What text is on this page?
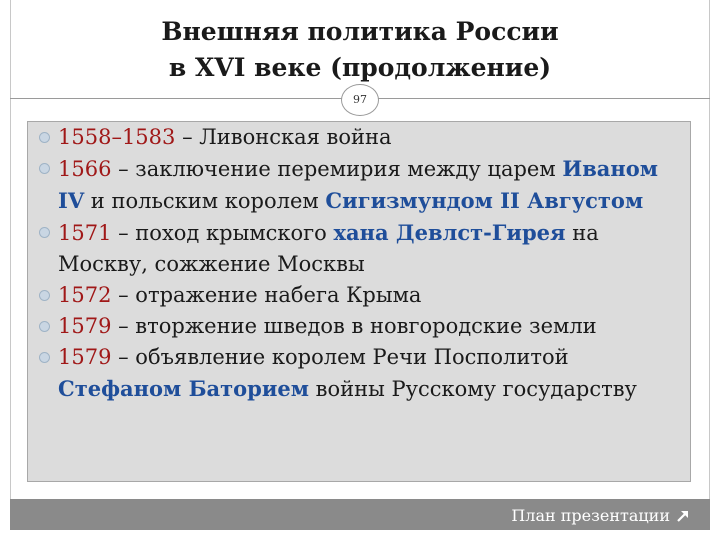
Внешняя политика России
в XVI веке (продолжение)
97
1558–1583 – Ливонская война
1566 – заключение перемирия между царем Иваном IV и польским королем Сигизмундом II Августом
1571 – поход крымского хана Девлст-Гирея на Москву, сожжение Москвы
1572 – отражение набега Крыма
1579 – вторжение шведов в новгородские земли
1579 – объявление королем Речи Посполитой Стефаном Баторием войны Русскому государству
План презентации
